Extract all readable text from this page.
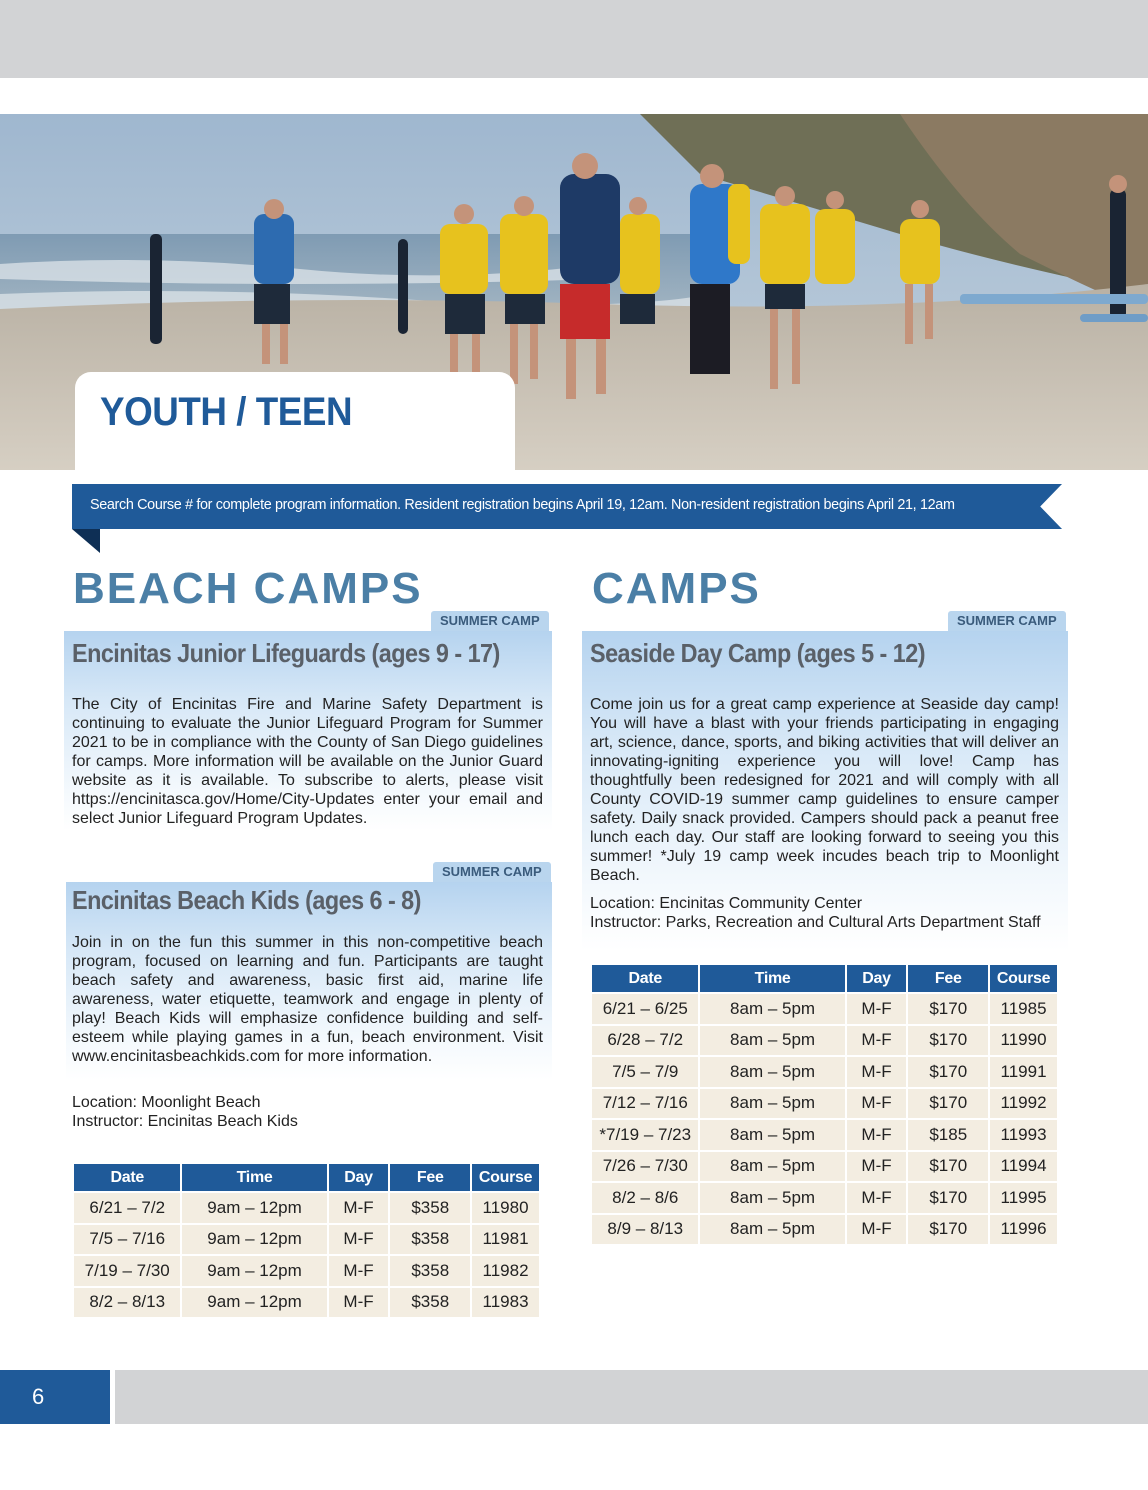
YOUTH / TEEN
Search Course # for complete program information. Resident registration begins April 19, 12am. Non-resident registration begins April 21, 12am
BEACH CAMPS
SUMMER CAMP
Encinitas Junior Lifeguards (ages 9 - 17)
The City of Encinitas Fire and Marine Safety Department is continuing to evaluate the Junior Lifeguard Program for Summer 2021 to be in compliance with the County of San Diego guidelines for camps. More information will be available on the Junior Guard website as it is available. To subscribe to alerts, please visit https://encinitasca.gov/Home/City-Updates enter your email and select Junior Lifeguard Program Updates.
SUMMER CAMP
Encinitas Beach Kids (ages 6 - 8)
Join in on the fun this summer in this non-competitive beach program, focused on learning and fun. Participants are taught beach safety and awareness, basic first aid, marine life awareness, water etiquette, teamwork and engage in plenty of play! Beach Kids will emphasize confidence building and self-esteem while playing games in a fun, beach environment. Visit www.encinitasbeachkids.com for more information.
Location: Moonlight Beach
Instructor: Encinitas Beach Kids
Date	Time	Day	Fee	Course
6/21 – 7/2	9am – 12pm	M-F	$358	11980
7/5 – 7/16	9am – 12pm	M-F	$358	11981
7/19 – 7/30	9am – 12pm	M-F	$358	11982
8/2 – 8/13	9am – 12pm	M-F	$358	11983
CAMPS
SUMMER CAMP
Seaside Day Camp (ages 5 - 12)
Come join us for a great camp experience at Seaside day camp! You will have a blast with your friends participating in engaging art, science, dance, sports, and biking activities that will deliver an innovating-igniting experience you will love! Camp has thoughtfully been redesigned for 2021 and will comply with all County COVID-19 summer camp guidelines to ensure camper safety. Daily snack provided. Campers should pack a peanut free lunch each day. Our staff are looking forward to seeing you this summer! *July 19 camp week incudes beach trip to Moonlight Beach.
Location: Encinitas Community Center
Instructor: Parks, Recreation and Cultural Arts Department Staff
Date	Time	Day	Fee	Course
6/21 – 6/25	8am – 5pm	M-F	$170	11985
6/28 – 7/2	8am – 5pm	M-F	$170	11990
7/5 – 7/9	8am – 5pm	M-F	$170	11991
7/12 – 7/16	8am – 5pm	M-F	$170	11992
*7/19 – 7/23	8am – 5pm	M-F	$185	11993
7/26 – 7/30	8am – 5pm	M-F	$170	11994
8/2 – 8/6	8am – 5pm	M-F	$170	11995
8/9 – 8/13	8am – 5pm	M-F	$170	11996
6
